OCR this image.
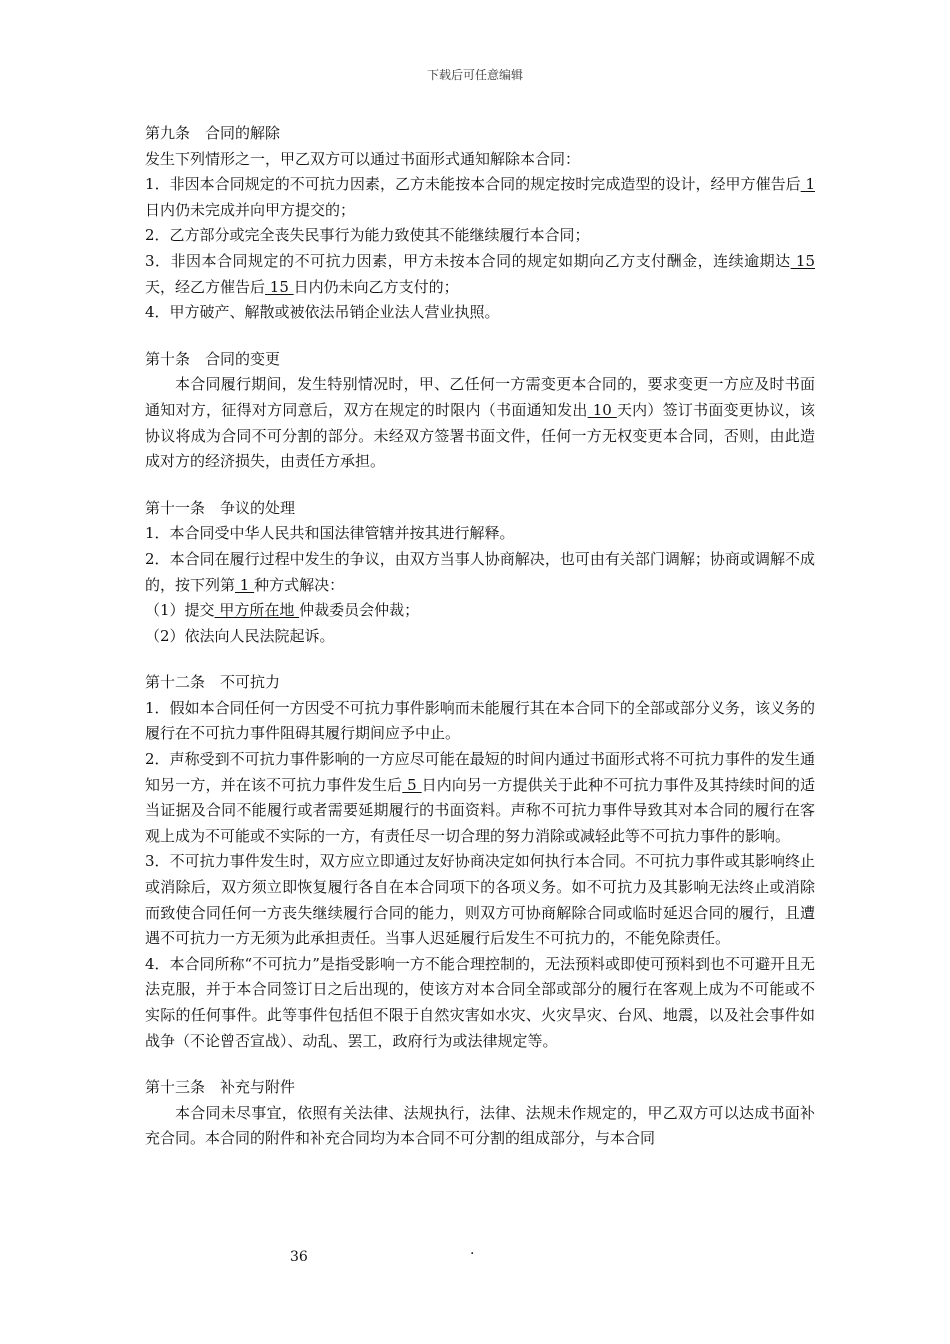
下载后可任意编辑

第九条　合同的解除

发生下列情形之一，甲乙双方可以通过书面形式通知解除本合同：

1．非因本合同规定的不可抗力因素，乙方未能按本合同的规定按时完成造型的设计，经甲方催告后 1 日内仍未完成并向甲方提交的；

2．乙方部分或完全丧失民事行为能力致使其不能继续履行本合同；

3．非因本合同规定的不可抗力因素，甲方未按本合同的规定如期向乙方支付酬金，连续逾期达 15 天，经乙方催告后 15 日内仍未向乙方支付的；

4．甲方破产、解散或被依法吊销企业法人营业执照。

第十条　合同的变更

本合同履行期间，发生特别情况时，甲、乙任何一方需变更本合同的，要求变更一方应及时书面通知对方，征得对方同意后，双方在规定的时限内（书面通知发出 10 天内）签订书面变更协议，该协议将成为合同不可分割的部分。未经双方签署书面文件，任何一方无权变更本合同，否则，由此造成对方的经济损失，由责任方承担。

第十一条　争议的处理

1．本合同受中华人民共和国法律管辖并按其进行解释。

2．本合同在履行过程中发生的争议，由双方当事人协商解决，也可由有关部门调解；协商或调解不成的，按下列第 1 种方式解决：

（1）提交 甲方所在地 仲裁委员会仲裁；

（2）依法向人民法院起诉。

第十二条　不可抗力

1．假如本合同任何一方因受不可抗力事件影响而未能履行其在本合同下的全部或部分义务，该义务的履行在不可抗力事件阻碍其履行期间应予中止。

2．声称受到不可抗力事件影响的一方应尽可能在最短的时间内通过书面形式将不可抗力事件的发生通知另一方，并在该不可抗力事件发生后 5 日内向另一方提供关于此种不可抗力事件及其持续时间的适当证据及合同不能履行或者需要延期履行的书面资料。声称不可抗力事件导致其对本合同的履行在客观上成为不可能或不实际的一方，有责任尽一切合理的努力消除或减轻此等不可抗力事件的影响。

3．不可抗力事件发生时，双方应立即通过友好协商决定如何执行本合同。不可抗力事件或其影响终止或消除后，双方须立即恢复履行各自在本合同项下的各项义务。如不可抗力及其影响无法终止或消除而致使合同任何一方丧失继续履行合同的能力，则双方可协商解除合同或临时延迟合同的履行，且遭遇不可抗力一方无须为此承担责任。当事人迟延履行后发生不可抗力的，不能免除责任。

4．本合同所称“不可抗力”是指受影响一方不能合理控制的，无法预料或即使可预料到也不可避开且无法克服，并于本合同签订日之后出现的，使该方对本合同全部或部分的履行在客观上成为不可能或不实际的任何事件。此等事件包括但不限于自然灾害如水灾、火灾旱灾、台风、地震，以及社会事件如战争（不论曾否宣战）、动乱、罢工，政府行为或法律规定等。

第十三条　补充与附件

本合同未尽事宜，依照有关法律、法规执行，法律、法规未作规定的，甲乙双方可以达成书面补充合同。本合同的附件和补充合同均为本合同不可分割的组成部分，与本合同

36	.
